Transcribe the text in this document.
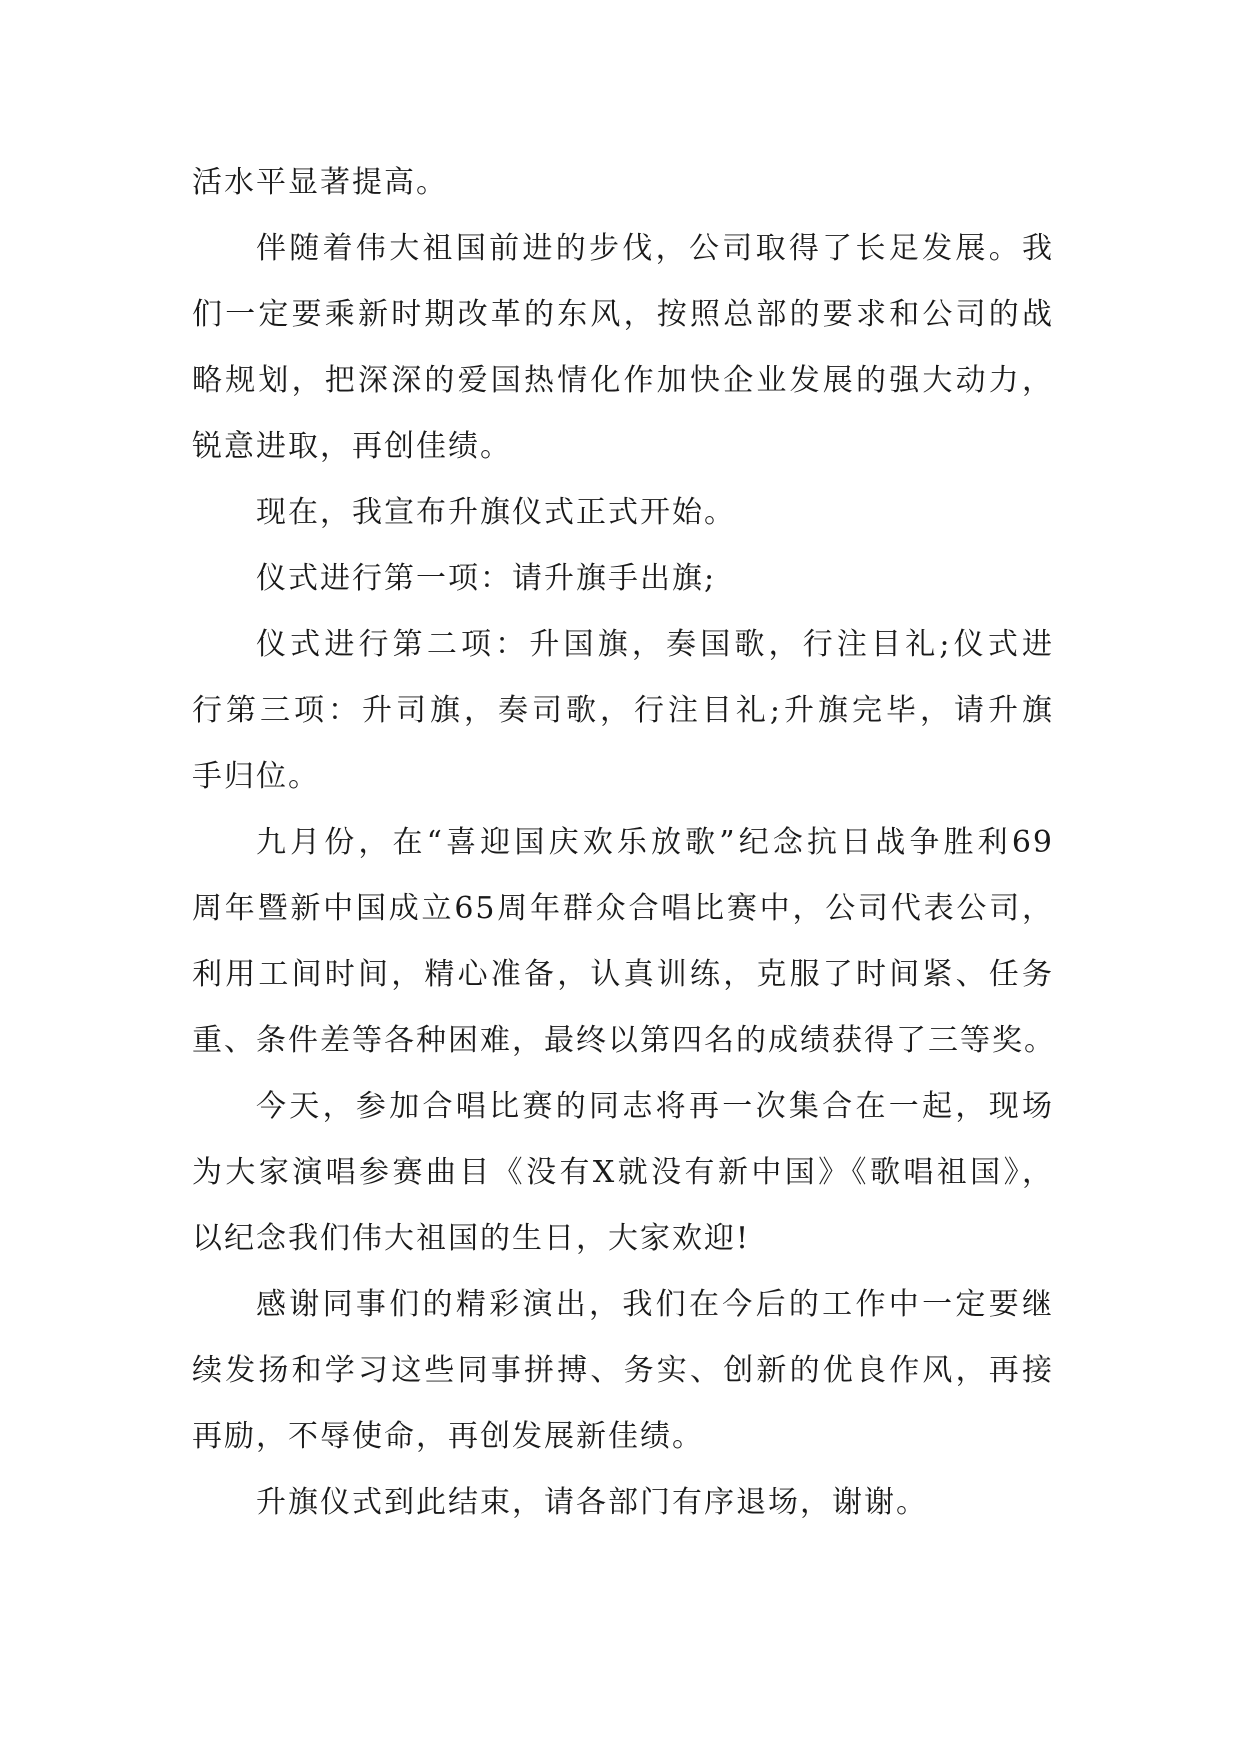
活水平显著提高。
伴随着伟大祖国前进的步伐，公司取得了长足发展。我
们一定要乘新时期改革的东风，按照总部的要求和公司的战
略规划，把深深的爱国热情化作加快企业发展的强大动力，
锐意进取，再创佳绩。
现在，我宣布升旗仪式正式开始。
仪式进行第一项：请升旗手出旗;
仪式进行第二项：升国旗，奏国歌，行注目礼;仪式进
行第三项：升司旗，奏司歌，行注目礼;升旗完毕，请升旗
手归位。
九月份，在“喜迎国庆欢乐放歌”纪念抗日战争胜利69
周年暨新中国成立65周年群众合唱比赛中，公司代表公司，
利用工间时间，精心准备，认真训练，克服了时间紧、任务
重、条件差等各种困难，最终以第四名的成绩获得了三等奖。
今天，参加合唱比赛的同志将再一次集合在一起，现场
为大家演唱参赛曲目《没有X就没有新中国》《歌唱祖国》，
以纪念我们伟大祖国的生日，大家欢迎!
感谢同事们的精彩演出，我们在今后的工作中一定要继
续发扬和学习这些同事拼搏、务实、创新的优良作风，再接
再励，不辱使命，再创发展新佳绩。
升旗仪式到此结束，请各部门有序退场，谢谢。
